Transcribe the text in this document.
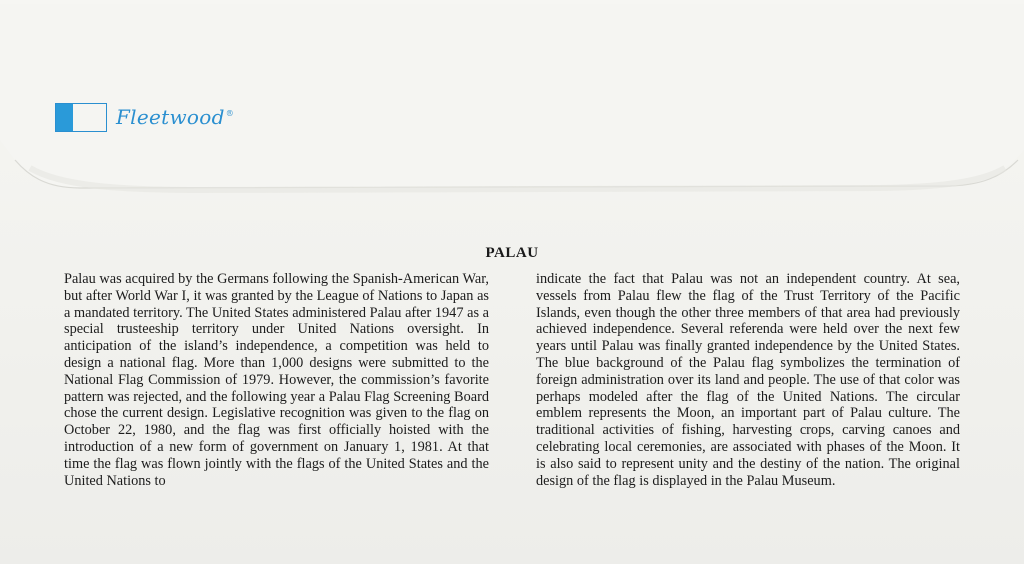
Fleetwood®
PALAU
Palau was acquired by the Germans following the Spanish-American War, but after World War I, it was granted by the League of Nations to Japan as a mandated territory. The United States administered Palau after 1947 as a special trusteeship territory under United Nations oversight. In anticipation of the island’s independence, a competition was held to design a national flag. More than 1,000 designs were submitted to the National Flag Commission of 1979. However, the commission’s favorite pattern was rejected, and the following year a Palau Flag Screening Board chose the current design. Legislative recognition was given to the flag on October 22, 1980, and the flag was first officially hoisted with the introduction of a new form of government on January 1, 1981. At that time the flag was flown jointly with the flags of the United States and the United Nations to
indicate the fact that Palau was not an independent country. At sea, vessels from Palau flew the flag of the Trust Territory of the Pacific Islands, even though the other three members of that area had previously achieved independence. Several referenda were held over the next few years until Palau was finally granted independence by the United States. The blue background of the Palau flag symbolizes the termination of foreign administration over its land and people. The use of that color was perhaps modeled after the flag of the United Nations. The circular emblem represents the Moon, an important part of Palau culture. The traditional activities of fishing, harvesting crops, carving canoes and celebrating local ceremonies, are associated with phases of the Moon. It is also said to represent unity and the destiny of the nation. The original design of the flag is displayed in the Palau Museum.
